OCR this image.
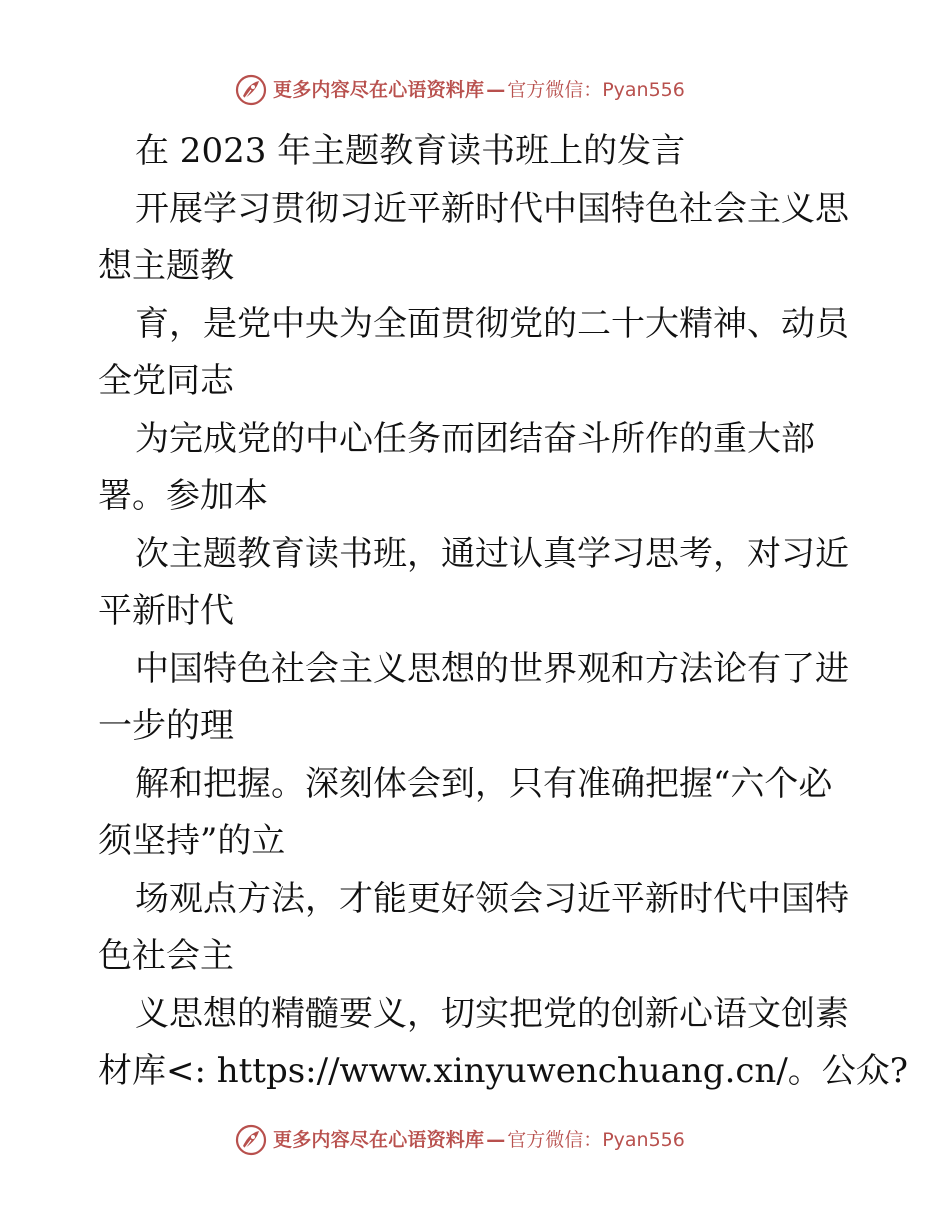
更多内容尽在心语资料库 — 官方微信：Pyan556
在 2023 年主题教育读书班上的发言
开展学习贯彻习近平新时代中国特色社会主义思
想主题教
育，是党中央为全面贯彻党的二十大精神、动员
全党同志
为完成党的中心任务而团结奋斗所作的重大部
署。参加本
次主题教育读书班，通过认真学习思考，对习近
平新时代
中国特色社会主义思想的世界观和方法论有了进
一步的理
解和把握。深刻体会到，只有准确把握“六个必
须坚持”的立
场观点方法，才能更好领会习近平新时代中国特
色社会主
义思想的精髓要义，切实把党的创新心语文创素
材库<: https://www.xinyuwenchuang.cn/。公众?
更多内容尽在心语资料库 — 官方微信：Pyan556
